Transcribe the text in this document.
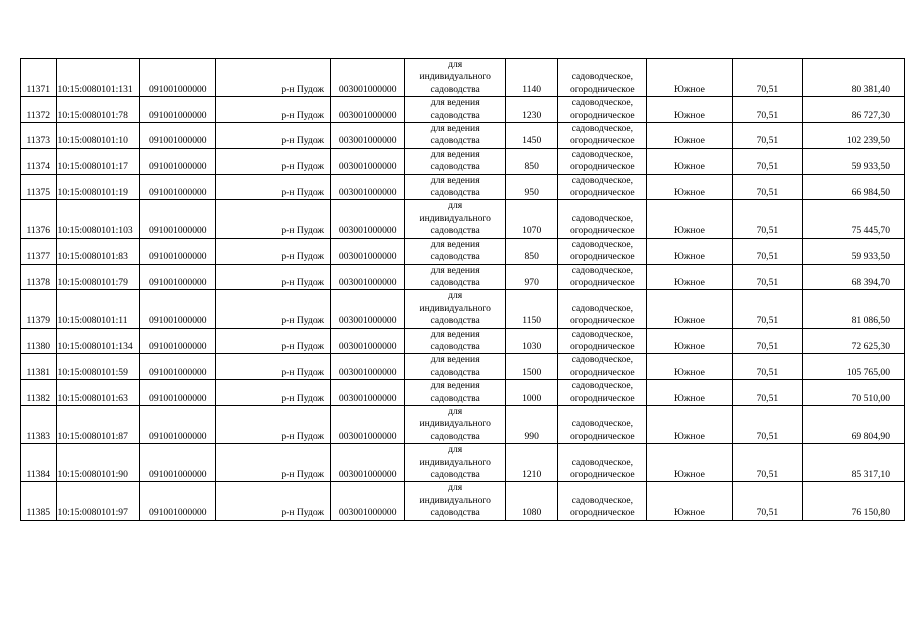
11371	10:15:0080101:131	091001000000	р-н Пудож	003001000000	для
индивидуального
садоводства	1140	садоводческое,
огородническое	Южное	70,51	80 381,40
11372	10:15:0080101:78	091001000000	р-н Пудож	003001000000	для ведения
садоводства	1230	садоводческое,
огородническое	Южное	70,51	86 727,30
11373	10:15:0080101:10	091001000000	р-н Пудож	003001000000	для ведения
садоводства	1450	садоводческое,
огородническое	Южное	70,51	102 239,50
11374	10:15:0080101:17	091001000000	р-н Пудож	003001000000	для ведения
садоводства	850	садоводческое,
огородническое	Южное	70,51	59 933,50
11375	10:15:0080101:19	091001000000	р-н Пудож	003001000000	для ведения
садоводства	950	садоводческое,
огородническое	Южное	70,51	66 984,50
11376	10:15:0080101:103	091001000000	р-н Пудож	003001000000	для
индивидуального
садоводства	1070	садоводческое,
огородническое	Южное	70,51	75 445,70
11377	10:15:0080101:83	091001000000	р-н Пудож	003001000000	для ведения
садоводства	850	садоводческое,
огородническое	Южное	70,51	59 933,50
11378	10:15:0080101:79	091001000000	р-н Пудож	003001000000	для ведения
садоводства	970	садоводческое,
огородническое	Южное	70,51	68 394,70
11379	10:15:0080101:11	091001000000	р-н Пудож	003001000000	для
индивидуального
садоводства	1150	садоводческое,
огородническое	Южное	70,51	81 086,50
11380	10:15:0080101:134	091001000000	р-н Пудож	003001000000	для ведения
садоводства	1030	садоводческое,
огородническое	Южное	70,51	72 625,30
11381	10:15:0080101:59	091001000000	р-н Пудож	003001000000	для ведения
садоводства	1500	садоводческое,
огородническое	Южное	70,51	105 765,00
11382	10:15:0080101:63	091001000000	р-н Пудож	003001000000	для ведения
садоводства	1000	садоводческое,
огородническое	Южное	70,51	70 510,00
11383	10:15:0080101:87	091001000000	р-н Пудож	003001000000	для
индивидуального
садоводства	990	садоводческое,
огородническое	Южное	70,51	69 804,90
11384	10:15:0080101:90	091001000000	р-н Пудож	003001000000	для
индивидуального
садоводства	1210	садоводческое,
огородническое	Южное	70,51	85 317,10
11385	10:15:0080101:97	091001000000	р-н Пудож	003001000000	для
индивидуального
садоводства	1080	садоводческое,
огородническое	Южное	70,51	76 150,80
